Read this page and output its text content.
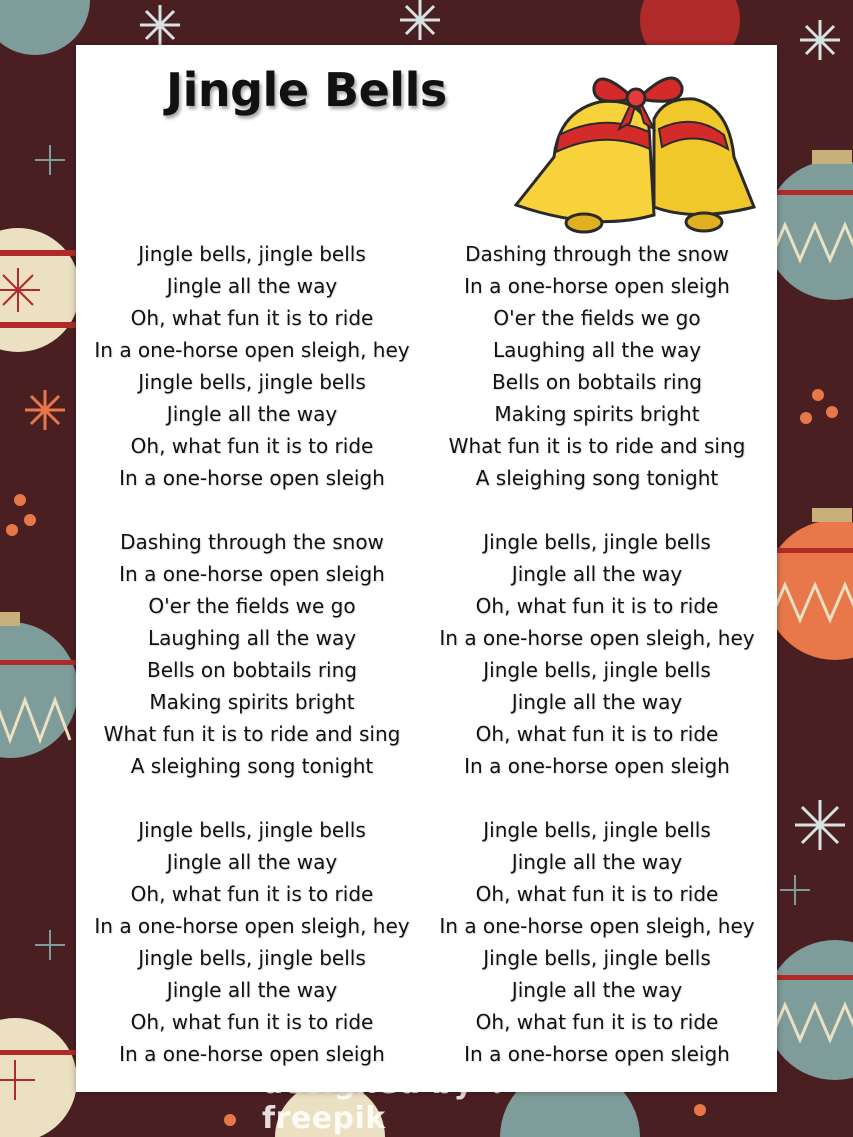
freepik
Jingle Bells
Jingle bells, jingle bells
Jingle all the way
Oh, what fun it is to ride
In a one-horse open sleigh, hey
Jingle bells, jingle bells
Jingle all the way
Oh, what fun it is to ride
In a one-horse open sleigh
Dashing through the snow
In a one-horse open sleigh
O'er the fields we go
Laughing all the way
Bells on bobtails ring
Making spirits bright
What fun it is to ride and sing
A sleighing song tonight
Jingle bells, jingle bells
Jingle all the way
Oh, what fun it is to ride
In a one-horse open sleigh, hey
Jingle bells, jingle bells
Jingle all the way
Oh, what fun it is to ride
In a one-horse open sleigh
Dashing through the snow
In a one-horse open sleigh
O'er the fields we go
Laughing all the way
Bells on bobtails ring
Making spirits bright
What fun it is to ride and sing
A sleighing song tonight
Jingle bells, jingle bells
Jingle all the way
Oh, what fun it is to ride
In a one-horse open sleigh, hey
Jingle bells, jingle bells
Jingle all the way
Oh, what fun it is to ride
In a one-horse open sleigh
Jingle bells, jingle bells
Jingle all the way
Oh, what fun it is to ride
In a one-horse open sleigh, hey
Jingle bells, jingle bells
Jingle all the way
Oh, what fun it is to ride
In a one-horse open sleigh
